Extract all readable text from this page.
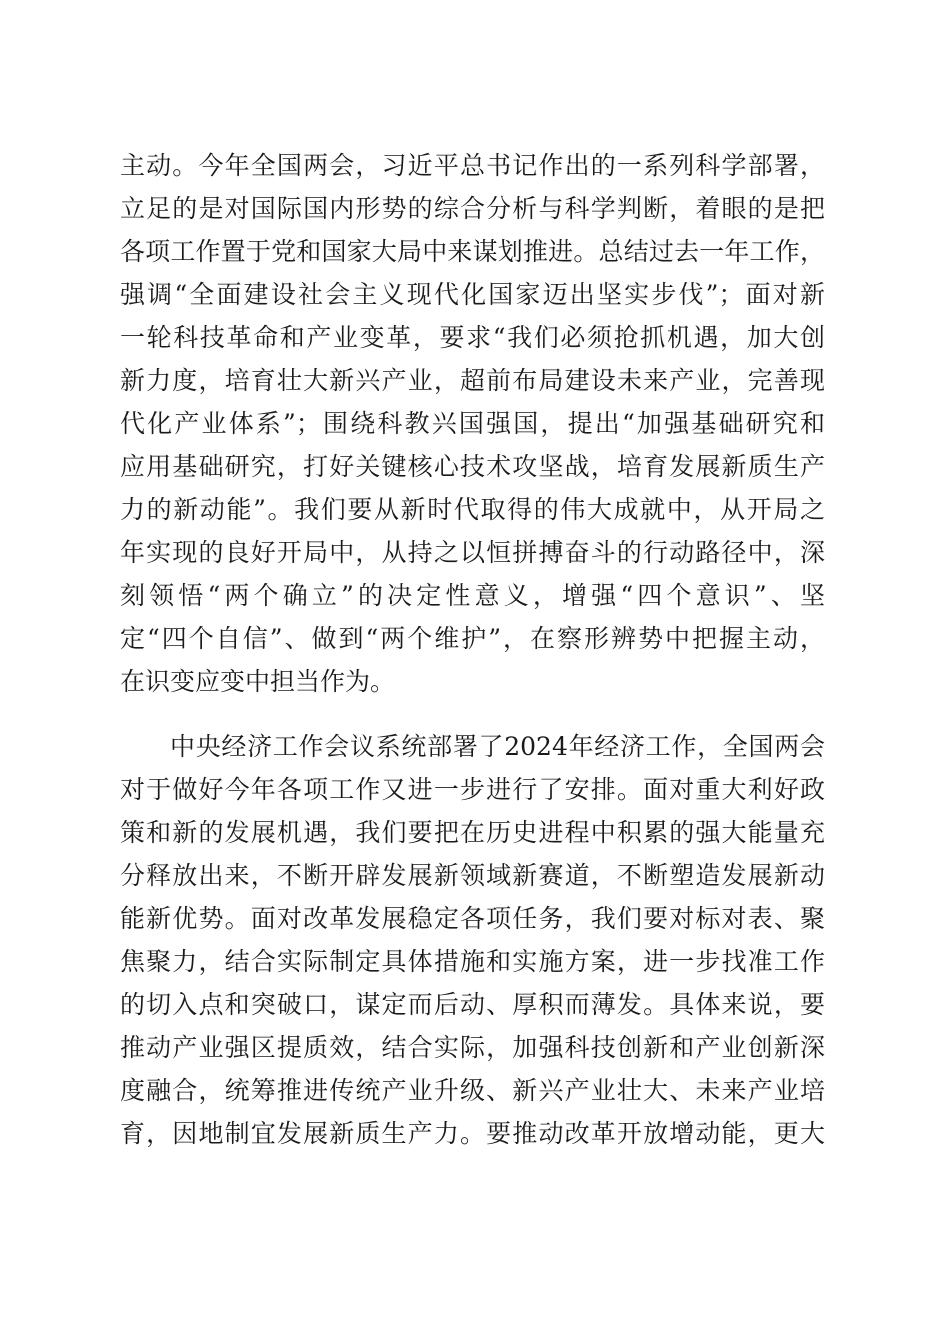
主动。今年全国两会，习近平总书记作出的一系列科学部署，
立足的是对国际国内形势的综合分析与科学判断，着眼的是把
各项工作置于党和国家大局中来谋划推进。总结过去一年工作，
强调“全面建设社会主义现代化国家迈出坚实步伐”；面对新
一轮科技革命和产业变革，要求“我们必须抢抓机遇，加大创
新力度，培育壮大新兴产业，超前布局建设未来产业，完善现
代化产业体系”；围绕科教兴国强国，提出“加强基础研究和
应用基础研究，打好关键核心技术攻坚战，培育发展新质生产
力的新动能”。我们要从新时代取得的伟大成就中，从开局之
年实现的良好开局中，从持之以恒拼搏奋斗的行动路径中，深
刻领悟“两个确立”的决定性意义，增强“四个意识”、坚
定“四个自信”、做到“两个维护”，在察形辨势中把握主动，
在识变应变中担当作为。
中央经济工作会议系统部署了2024年经济工作，全国两会
对于做好今年各项工作又进一步进行了安排。面对重大利好政
策和新的发展机遇，我们要把在历史进程中积累的强大能量充
分释放出来，不断开辟发展新领域新赛道，不断塑造发展新动
能新优势。面对改革发展稳定各项任务，我们要对标对表、聚
焦聚力，结合实际制定具体措施和实施方案，进一步找准工作
的切入点和突破口，谋定而后动、厚积而薄发。具体来说，要
推动产业强区提质效，结合实际，加强科技创新和产业创新深
度融合，统筹推进传统产业升级、新兴产业壮大、未来产业培
育，因地制宜发展新质生产力。要推动改革开放增动能，更大
